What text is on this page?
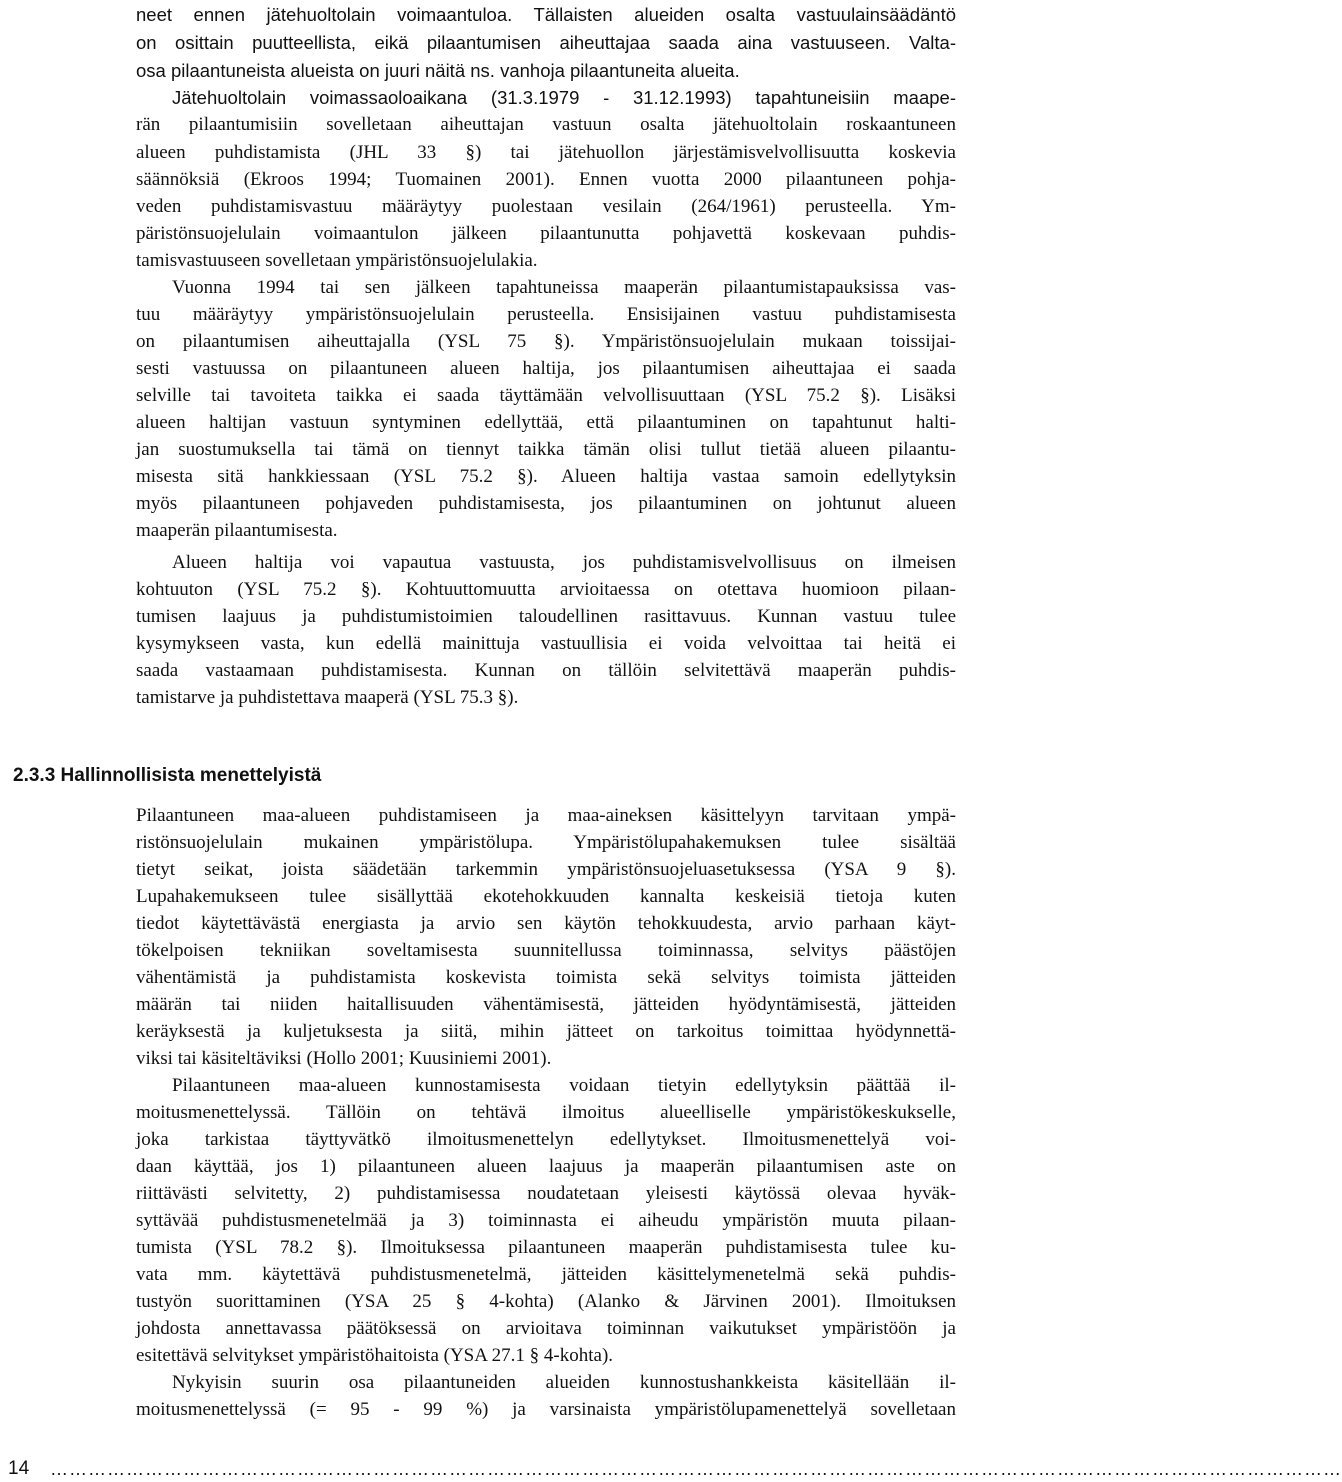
neet ennen jätehuoltolain voimaantuloa. Tällaisten alueiden osalta vastuulainsäädäntö
on osittain puutteellista, eikä pilaantumisen aiheuttajaa saada aina vastuuseen. Valta-
osa pilaantuneista alueista on juuri näitä ns. vanhoja pilaantuneita alueita.
Jätehuoltolain voimassaoloaikana (31.3.1979 - 31.12.1993) tapahtuneisiin maape-
rän pilaantumisiin sovelletaan aiheuttajan vastuun osalta jätehuoltolain roskaantuneen
alueen puhdistamista (JHL 33 §) tai jätehuollon järjestämisvelvollisuutta koskevia
säännöksiä (Ekroos 1994; Tuomainen 2001). Ennen vuotta 2000 pilaantuneen pohja-
veden puhdistamisvastuu määräytyy puolestaan vesilain (264/1961) perusteella. Ym-
päristönsuojelulain voimaantulon jälkeen pilaantunutta pohjavettä koskevaan puhdis-
tamisvastuuseen sovelletaan ympäristönsuojelulakia.
Vuonna 1994 tai sen jälkeen tapahtuneissa maaperän pilaantumistapauksissa vas-
tuu määräytyy ympäristönsuojelulain perusteella. Ensisijainen vastuu puhdistamisesta
on pilaantumisen aiheuttajalla (YSL 75 §). Ympäristönsuojelulain mukaan toissijai-
sesti vastuussa on pilaantuneen alueen haltija, jos pilaantumisen aiheuttajaa ei saada
selville tai tavoiteta taikka ei saada täyttämään velvollisuuttaan (YSL 75.2 §). Lisäksi
alueen haltijan vastuun syntyminen edellyttää, että pilaantuminen on tapahtunut halti-
jan suostumuksella tai tämä on tiennyt taikka tämän olisi tullut tietää alueen pilaantu-
misesta sitä hankkiessaan (YSL 75.2 §). Alueen haltija vastaa samoin edellytyksin
myös pilaantuneen pohjaveden puhdistamisesta, jos pilaantuminen on johtunut alueen
maaperän pilaantumisesta.
Alueen haltija voi vapautua vastuusta, jos puhdistamisvelvollisuus on ilmeisen
kohtuuton (YSL 75.2 §). Kohtuuttomuutta arvioitaessa on otettava huomioon pilaan-
tumisen laajuus ja puhdistumistoimien taloudellinen rasittavuus. Kunnan vastuu tulee
kysymykseen vasta, kun edellä mainittuja vastuullisia ei voida velvoittaa tai heitä ei
saada vastaamaan puhdistamisesta. Kunnan on tällöin selvitettävä maaperän puhdis-
tamistarve ja puhdistettava maaperä (YSL 75.3 §).
2.3.3 Hallinnollisista menettelyistä
Pilaantuneen maa-alueen puhdistamiseen ja maa-aineksen käsittelyyn tarvitaan ympä-
ristönsuojelulain mukainen ympäristölupa. Ympäristölupahakemuksen tulee sisältää
tietyt seikat, joista säädetään tarkemmin ympäristönsuojeluasetuksessa (YSA 9 §).
Lupahakemukseen tulee sisällyttää ekotehokkuuden kannalta keskeisiä tietoja kuten
tiedot käytettävästä energiasta ja arvio sen käytön tehokkuudesta, arvio parhaan käyt-
tökelpoisen tekniikan soveltamisesta suunnitellussa toiminnassa, selvitys päästöjen
vähentämistä ja puhdistamista koskevista toimista sekä selvitys toimista jätteiden
määrän tai niiden haitallisuuden vähentämisestä, jätteiden hyödyntämisestä, jätteiden
keräyksestä ja kuljetuksesta ja siitä, mihin jätteet on tarkoitus toimittaa hyödynnettä-
viksi tai käsiteltäviksi (Hollo 2001; Kuusiniemi 2001).
Pilaantuneen maa-alueen kunnostamisesta voidaan tietyin edellytyksin päättää il-
moitusmenettelyssä. Tällöin on tehtävä ilmoitus alueelliselle ympäristökeskukselle,
joka tarkistaa täyttyvätkö ilmoitusmenettelyn edellytykset. Ilmoitusmenettelyä voi-
daan käyttää, jos 1) pilaantuneen alueen laajuus ja maaperän pilaantumisen aste on
riittävästi selvitetty, 2) puhdistamisessa noudatetaan yleisesti käytössä olevaa hyväk-
syttävää puhdistusmenetelmää ja 3) toiminnasta ei aiheudu ympäristön muuta pilaan-
tumista (YSL 78.2 §). Ilmoituksessa pilaantuneen maaperän puhdistamisesta tulee ku-
vata mm. käytettävä puhdistusmenetelmä, jätteiden käsittelymenetelmä sekä puhdis-
tustyön suorittaminen (YSA 25 § 4-kohta) (Alanko & Järvinen 2001). Ilmoituksen
johdosta annettavassa päätöksessä on arvioitava toiminnan vaikutukset ympäristöön ja
esitettävä selvitykset ympäristöhaitoista (YSA 27.1 § 4-kohta).
Nykyisin suurin osa pilaantuneiden alueiden kunnostushankkeista käsitellään il-
moitusmenettelyssä (= 95 - 99 %) ja varsinaista ympäristölupamenettelyä sovelletaan
14 ……………………………………………………………………………………………………………………………………………………………………………………
